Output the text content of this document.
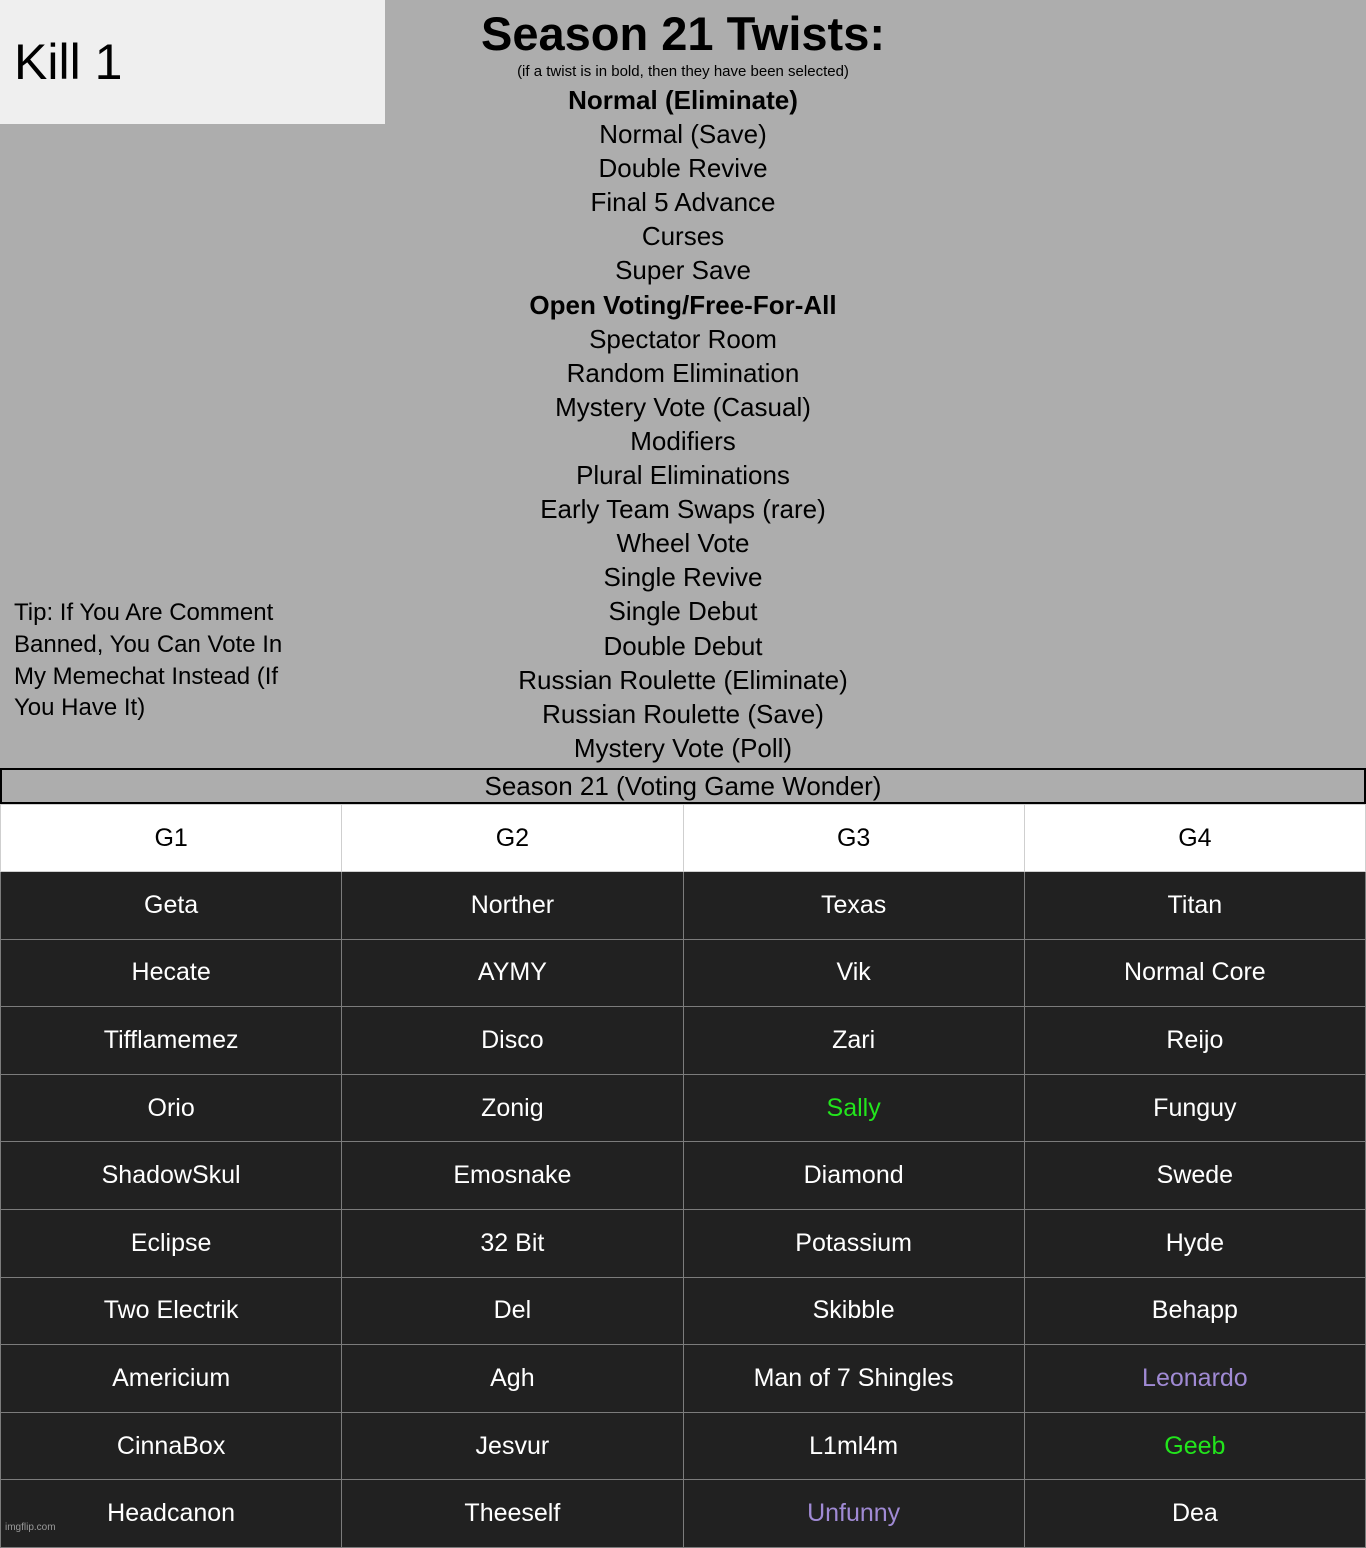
Season 21 Twists:
(if a twist is in bold, then they have been selected)
Normal (Eliminate)
Normal (Save)
Double Revive
Final 5 Advance
Curses
Super Save
Open Voting/Free-For-All
Spectator Room
Random Elimination
Mystery Vote (Casual)
Modifiers
Plural Eliminations
Early Team Swaps (rare)
Wheel Vote
Single Revive
Single Debut
Double Debut
Russian Roulette (Eliminate)
Russian Roulette (Save)
Mystery Vote (Poll)
Kill 1
Tip: If You Are Comment Banned, You Can Vote In My Memechat Instead (If You Have It)
Season 21 (Voting Game Wonder)
G1	G2	G3	G4
Geta	Norther	Texas	Titan
Hecate	AYMY	Vik	Normal Core
Tifflamemez	Disco	Zari	Reijo
Orio	Zonig	Sally	Funguy
ShadowSkul	Emosnake	Diamond	Swede
Eclipse	32 Bit	Potassium	Hyde
Two Electrik	Del	Skibble	Behapp
Americium	Agh	Man of 7 Shingles	Leonardo
CinnaBox	Jesvur	L1ml4m	Geeb
Headcanon	Theeself	Unfunny	Dea
imgflip.com
